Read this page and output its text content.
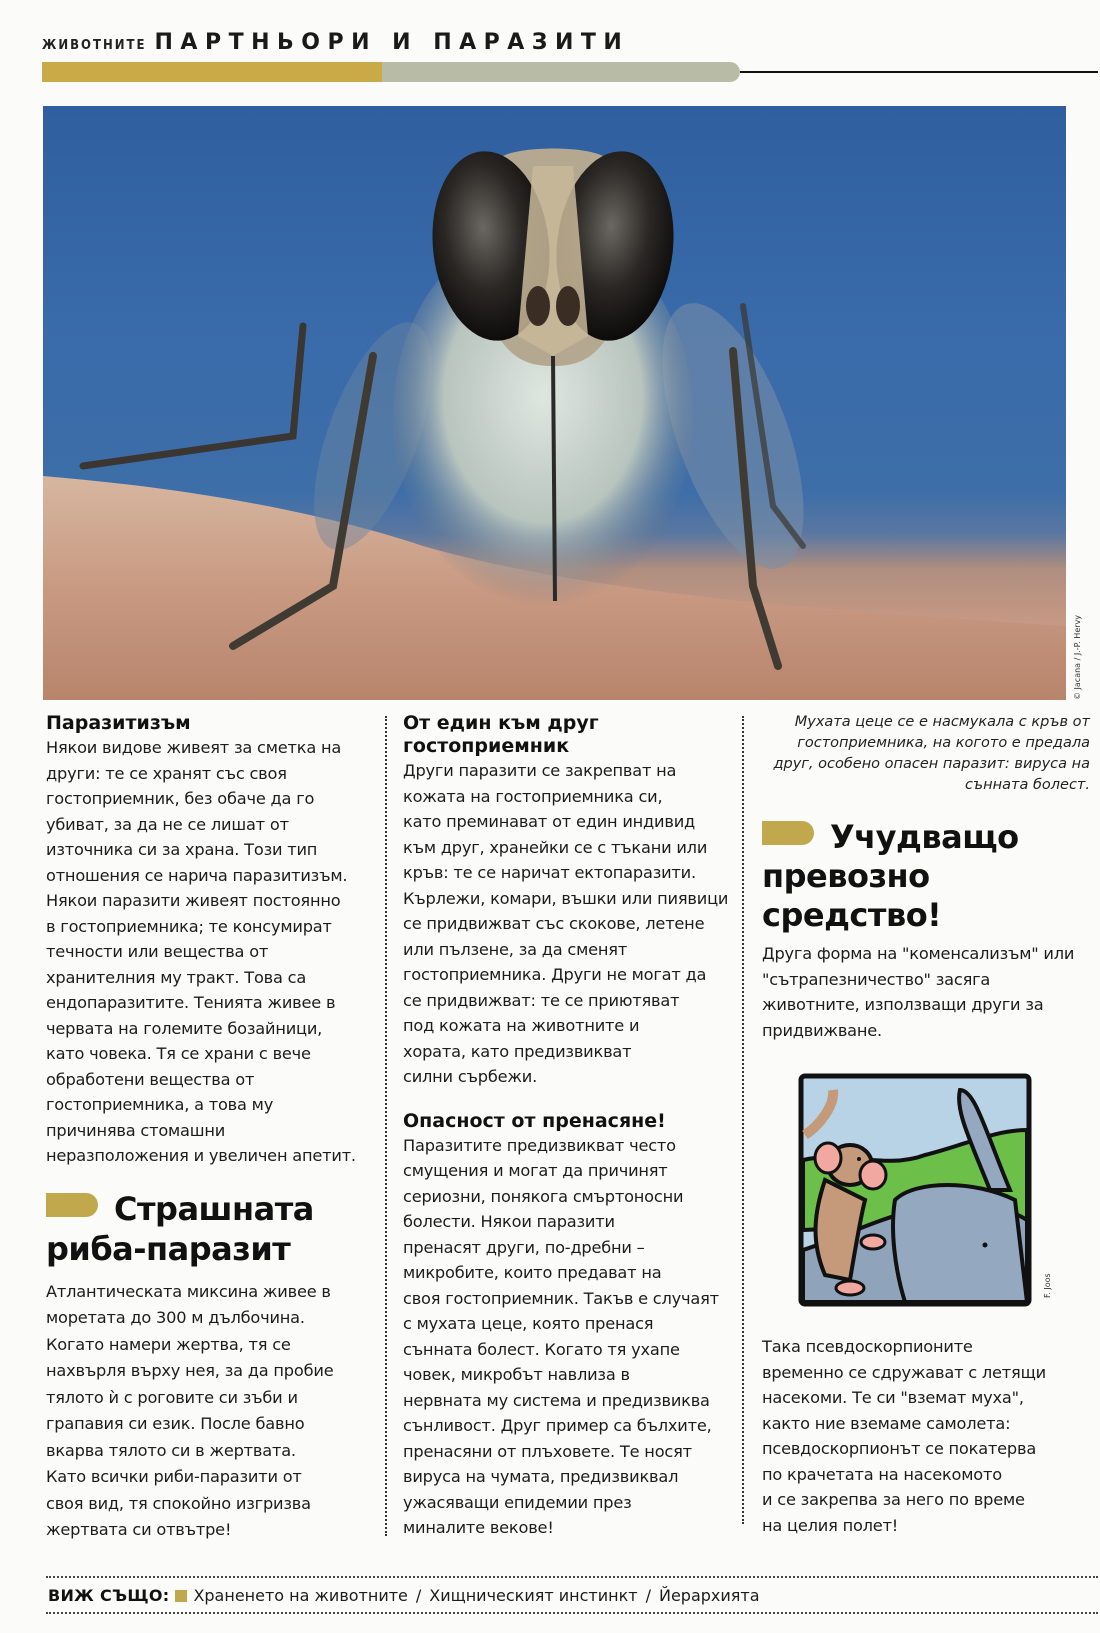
ЖИВОТНИТЕ ПАРТНЬОРИ И ПАРАЗИТИ
© Jacana / J.-P. Hervy
Паразитизъм
Някои видове живеят за сметка на
други: те се хранят със своя
гостоприемник, без обаче да го
убиват, за да не се лишат от
източника си за храна. Този тип
отношения се нарича паразитизъм.
Някои паразити живеят постоянно
в гостоприемника; те консумират
течности или вещества от
хранителния му тракт. Това са
ендопаразитите. Тенията живее в
червата на големите бозайници,
като човека. Тя се храни с вече
обработени вещества от
гостоприемника, а това му
причинява стомашни
неразположения и увеличен апетит.
Страшната
риба-паразит
Атлантическата миксина живее в
моретата до 300 м дълбочина.
Когато намери жертва, тя се
нахвърля върху нея, за да пробие
тялото ѝ с роговите си зъби и
грапавия си език. После бавно
вкарва тялото си в жертвата.
Като всички риби-паразити от
своя вид, тя спокойно изгризва
жертвата си отвътре!
От един към друг
гостоприемник
Други паразити се закрепват на
кожата на гостоприемника си,
като преминават от един индивид
към друг, хранейки се с тъкани или
кръв: те се наричат ектопаразити.
Кърлежи, комари, въшки или пиявици
се придвижват със скокове, летене
или пълзене, за да сменят
гостоприемника. Други не могат да
се придвижват: те се приютяват
под кожата на животните и
хората, като предизвикват
силни сърбежи.
Опасност от пренасяне!
Паразитите предизвикват често
смущения и могат да причинят
сериозни, понякога смъртоносни
болести. Някои паразити
пренасят други, по-дребни –
микробите, които предават на
своя гостоприемник. Такъв е случаят
с мухата цеце, която пренася
сънната болест. Когато тя ухапе
човек, микробът навлиза в
нервната му система и предизвиква
сънливост. Друг пример са бълхите,
пренасяни от плъховете. Те носят
вируса на чумата, предизвиквал
ужасяващи епидемии през
миналите векове!
Мухата цеце се е насмукала с кръв от
гостоприемника, на когото е предала
друг, особено опасен паразит: вируса на
сънната болест.
Учудващо
превозно
средство!
Друга форма на "коменсализъм" или
"сътрапезничество" засяга
животните, използващи други за
придвижване.
F. Joos
Така псевдоскорпионите
временно се сдружават с летящи
насекоми. Те си "вземат муха",
както ние вземаме самолета:
псевдоскорпионът се покатерва
по крачетата на насекомото
и се закрепва за него по време
на целия полет!
ВИЖ СЪЩО: Храненето на животните / Хищническият инстинкт / Йерархията
